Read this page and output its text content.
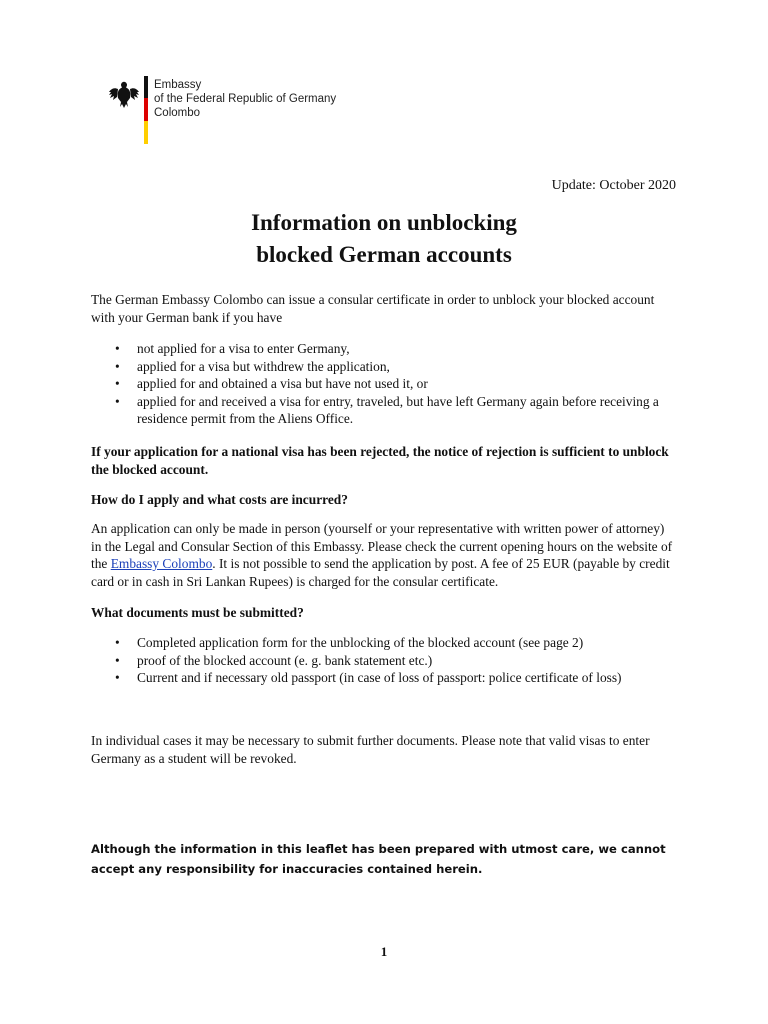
Embassy
of the Federal Republic of Germany
Colombo
Update: October 2020
Information on unblocking
blocked German accounts
The German Embassy Colombo can issue a consular certificate in order to unblock your blocked account with your German bank if you have
•	not applied for a visa to enter Germany,
•	applied for a visa but withdrew the application,
•	applied for and obtained a visa but have not used it, or
•	applied for and received a visa for entry, traveled, but have left Germany again before receiving a residence permit from the Aliens Office.
If your application for a national visa has been rejected, the notice of rejection is sufficient to unblock the blocked account.
How do I apply and what costs are incurred?
An application can only be made in person (yourself or your representative with written power of attorney) in the Legal and Consular Section of this Embassy. Please check the current opening hours on the website of the Embassy Colombo. It is not possible to send the application by post. A fee of 25 EUR (payable by credit card or in cash in Sri Lankan Rupees) is charged for the consular certificate.
What documents must be submitted?
•	Completed application form for the unblocking of the blocked account (see page 2)
•	proof of the blocked account (e. g. bank statement etc.)
•	Current and if necessary old passport (in case of loss of passport: police certificate of loss)
In individual cases it may be necessary to submit further documents. Please note that valid visas to enter Germany as a student will be revoked.
Although the information in this leaflet has been prepared with utmost care, we cannot accept any responsibility for inaccuracies contained herein.
1
